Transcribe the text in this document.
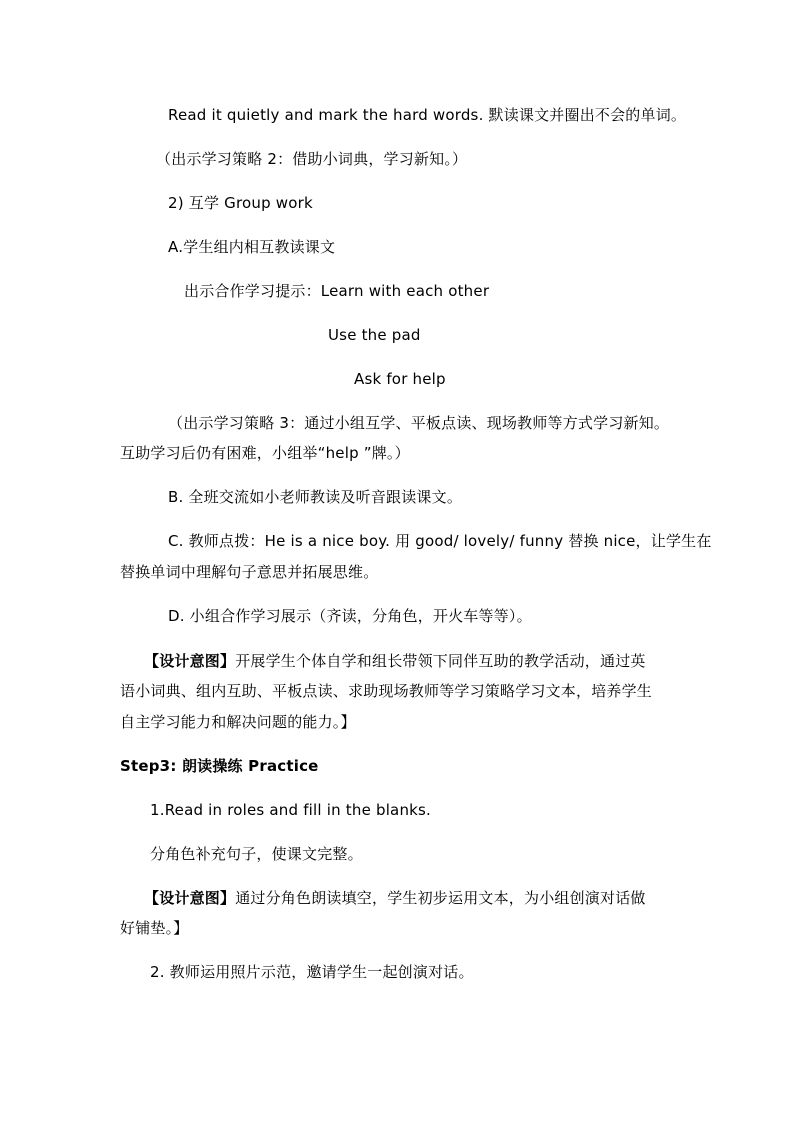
Read it quietly and mark the hard words. 默读课文并圈出不会的单词。
（出示学习策略 2：借助小词典，学习新知。）
2) 互学 Group work
A.学生组内相互教读课文
出示合作学习提示：Learn with each other
Use the pad
Ask for help
（出示学习策略 3：通过小组互学、平板点读、现场教师等方式学习新知。
互助学习后仍有困难，小组举“help ”牌。）
B. 全班交流如小老师教读及听音跟读课文。
C. 教师点拨：He is a nice boy. 用 good/ lovely/ funny 替换 nice，让学生在
替换单词中理解句子意思并拓展思维。
D. 小组合作学习展示（齐读，分角色，开火车等等）。
【设计意图】开展学生个体自学和组长带领下同伴互助的教学活动，通过英
语小词典、组内互助、平板点读、求助现场教师等学习策略学习文本，培养学生
自主学习能力和解决问题的能力。】
Step3: 朗读操练 Practice
1.Read in roles and fill in the blanks.
分角色补充句子，使课文完整。
【设计意图】通过分角色朗读填空，学生初步运用文本，为小组创演对话做
好铺垫。】
2. 教师运用照片示范，邀请学生一起创演对话。
